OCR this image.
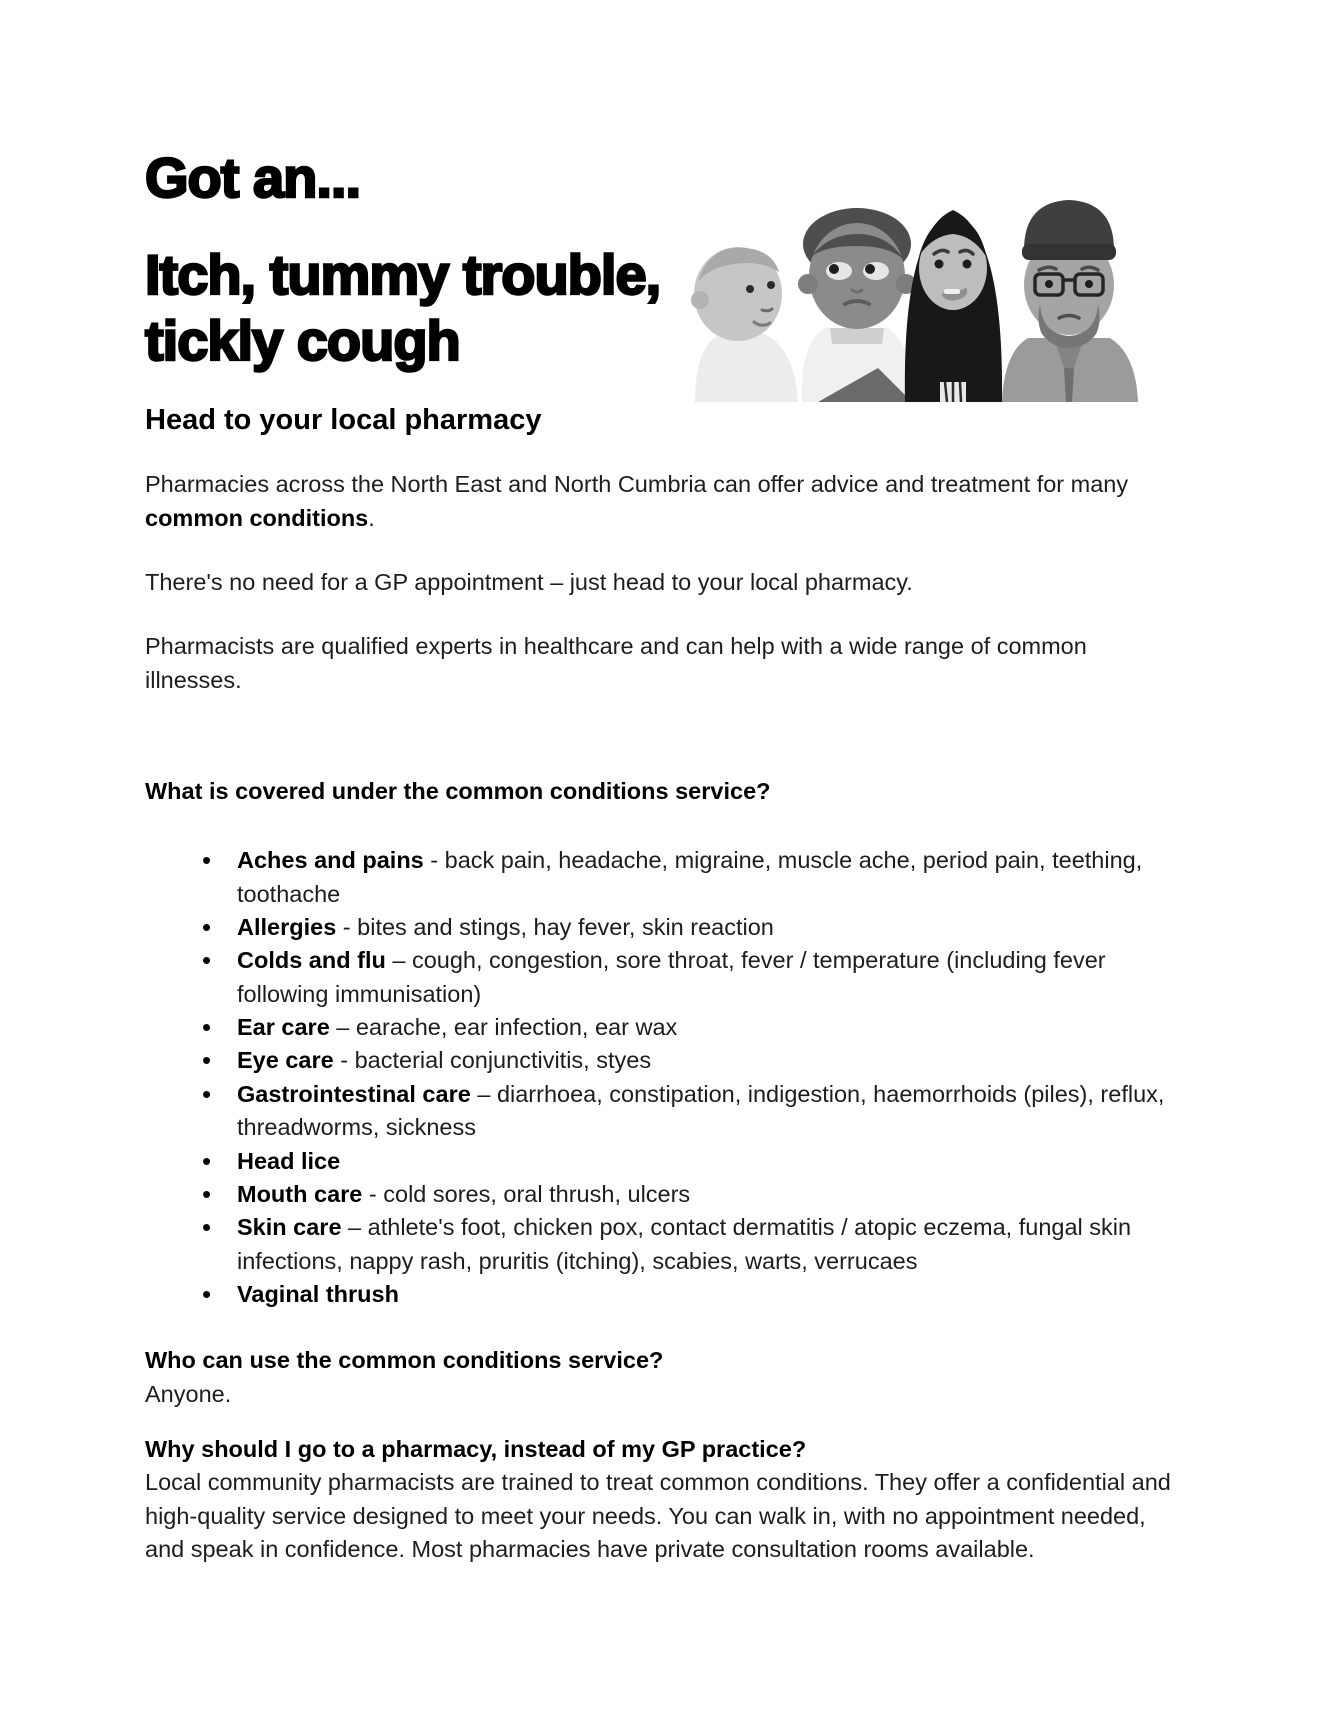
Got an...
Itch, tummy trouble,
tickly cough
Head to your local pharmacy

Pharmacies across the North East and North Cumbria can offer advice and treatment for many common conditions.

There's no need for a GP appointment – just head to your local pharmacy.

Pharmacists are qualified experts in healthcare and can help with a wide range of common illnesses.

What is covered under the common conditions service?
• Aches and pains - back pain, headache, migraine, muscle ache, period pain, teething, toothache
• Allergies - bites and stings, hay fever, skin reaction
• Colds and flu – cough, congestion, sore throat, fever / temperature (including fever following immunisation)
• Ear care – earache, ear infection, ear wax
• Eye care - bacterial conjunctivitis, styes
• Gastrointestinal care – diarrhoea, constipation, indigestion, haemorrhoids (piles), reflux, threadworms, sickness
• Head lice
• Mouth care - cold sores, oral thrush, ulcers
• Skin care – athlete's foot, chicken pox, contact dermatitis / atopic eczema, fungal skin infections, nappy rash, pruritis (itching), scabies, warts, verrucaes
• Vaginal thrush
Who can use the common conditions service?

Anyone.

Why should I go to a pharmacy, instead of my GP practice?

Local community pharmacists are trained to treat common conditions. They offer a confidential and high-quality service designed to meet your needs. You can walk in, with no appointment needed, and speak in confidence. Most pharmacies have private consultation rooms available.
